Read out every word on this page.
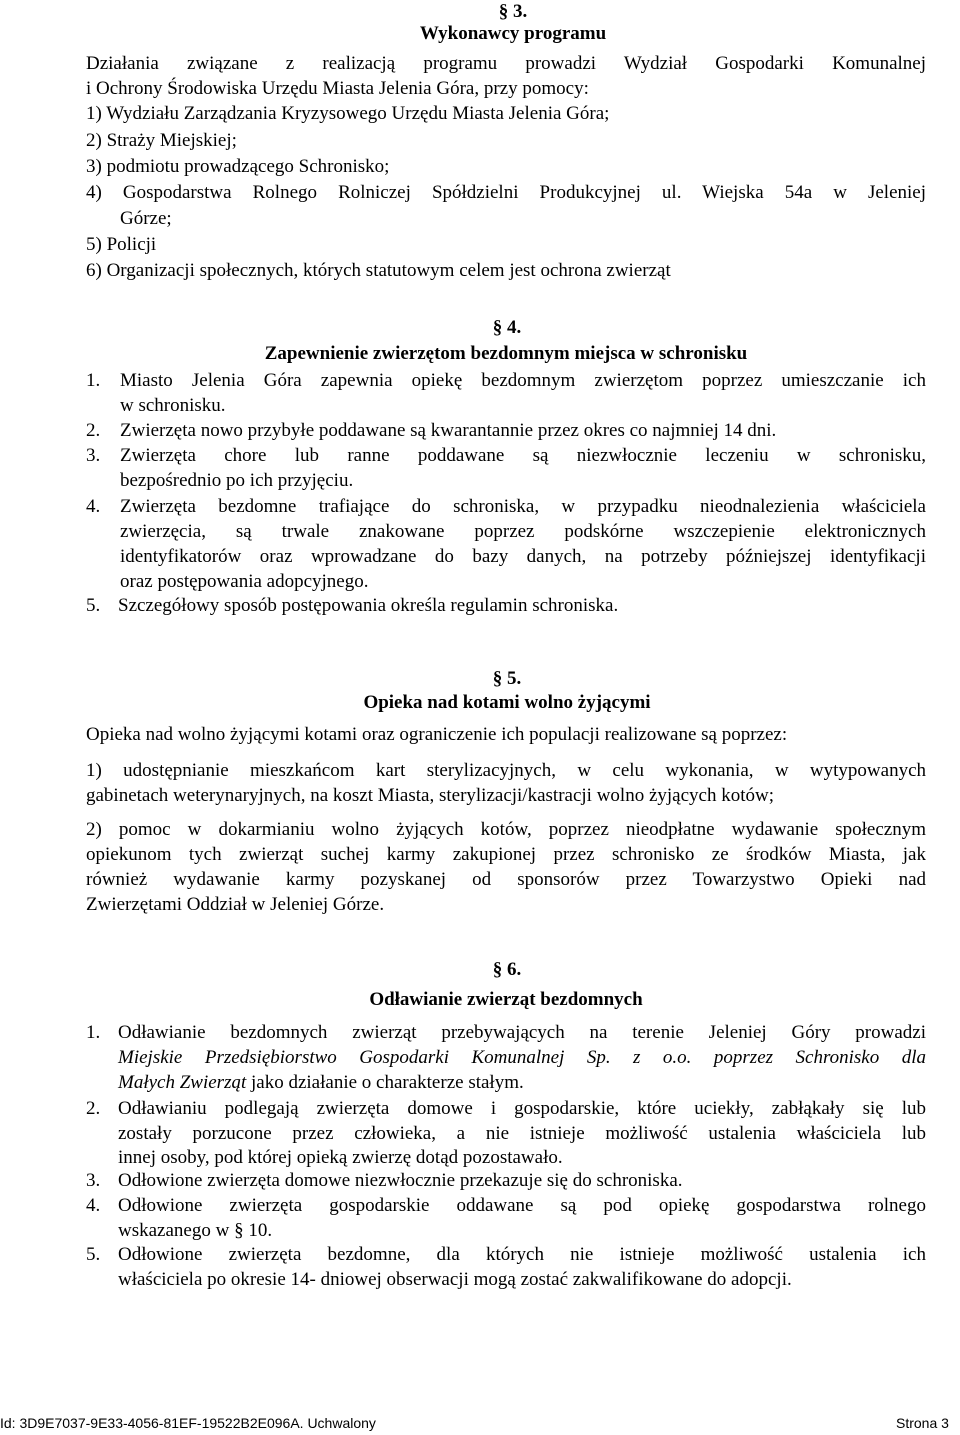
§ 3.
Wykonawcy programu
Działania związane z realizacją programu prowadzi Wydział Gospodarki Komunalnej
i Ochrony Środowiska Urzędu Miasta Jelenia Góra, przy pomocy:
1) Wydziału Zarządzania Kryzysowego Urzędu Miasta Jelenia Góra;
2) Straży Miejskiej;
3) podmiotu prowadzącego Schronisko;
4) Gospodarstwa Rolnego Rolniczej Spółdzielni Produkcyjnej ul. Wiejska 54a w Jeleniej
Górze;
5) Policji
6) Organizacji społecznych, których statutowym celem jest ochrona zwierząt
§ 4.
Zapewnienie zwierzętom bezdomnym miejsca w schronisku
1. Miasto Jelenia Góra zapewnia opiekę bezdomnym zwierzętom poprzez umieszczanie ich
w schronisku.
2. Zwierzęta nowo przybyłe poddawane są kwarantannie przez okres co najmniej 14 dni.
3. Zwierzęta chore lub ranne poddawane są niezwłocznie leczeniu w schronisku,
bezpośrednio po ich przyjęciu.
4. Zwierzęta bezdomne trafiające do schroniska, w przypadku nieodnalezienia właściciela
zwierzęcia, są trwale znakowane poprzez podskórne wszczepienie elektronicznych
identyfikatorów oraz wprowadzane do bazy danych, na potrzeby późniejszej identyfikacji
oraz postępowania adopcyjnego.
5. Szczegółowy sposób postępowania określa regulamin schroniska.
§ 5.
Opieka nad kotami wolno żyjącymi
Opieka nad wolno żyjącymi kotami oraz ograniczenie ich populacji realizowane są poprzez:
1) udostępnianie mieszkańcom kart sterylizacyjnych, w celu wykonania, w wytypowanych
gabinetach weterynaryjnych, na koszt Miasta, sterylizacji/kastracji wolno żyjących kotów;
2) pomoc w dokarmianiu wolno żyjących kotów, poprzez nieodpłatne wydawanie społecznym
opiekunom tych zwierząt suchej karmy zakupionej przez schronisko ze środków Miasta, jak
również wydawanie karmy pozyskanej od sponsorów przez Towarzystwo Opieki nad
Zwierzętami Oddział w Jeleniej Górze.
§ 6.
Odławianie zwierząt bezdomnych
1. Odławianie bezdomnych zwierząt przebywających na terenie Jeleniej Góry prowadzi
Miejskie Przedsiębiorstwo Gospodarki Komunalnej Sp. z o.o. poprzez Schronisko dla
Małych Zwierząt jako działanie o charakterze stałym.
2. Odławianiu podlegają zwierzęta domowe i gospodarskie, które uciekły, zabłąkały się lub
zostały porzucone przez człowieka, a nie istnieje możliwość ustalenia właściciela lub
innej osoby, pod której opieką zwierzę dotąd pozostawało.
3. Odłowione zwierzęta domowe niezwłocznie przekazuje się do schroniska.
4. Odłowione zwierzęta gospodarskie oddawane są pod opiekę gospodarstwa rolnego
wskazanego w § 10.
5. Odłowione zwierzęta bezdomne, dla których nie istnieje możliwość ustalenia ich
właściciela po okresie 14- dniowej obserwacji mogą zostać zakwalifikowane do adopcji.
Id: 3D9E7037-9E33-4056-81EF-19522B2E096A. Uchwalony	Strona 3
